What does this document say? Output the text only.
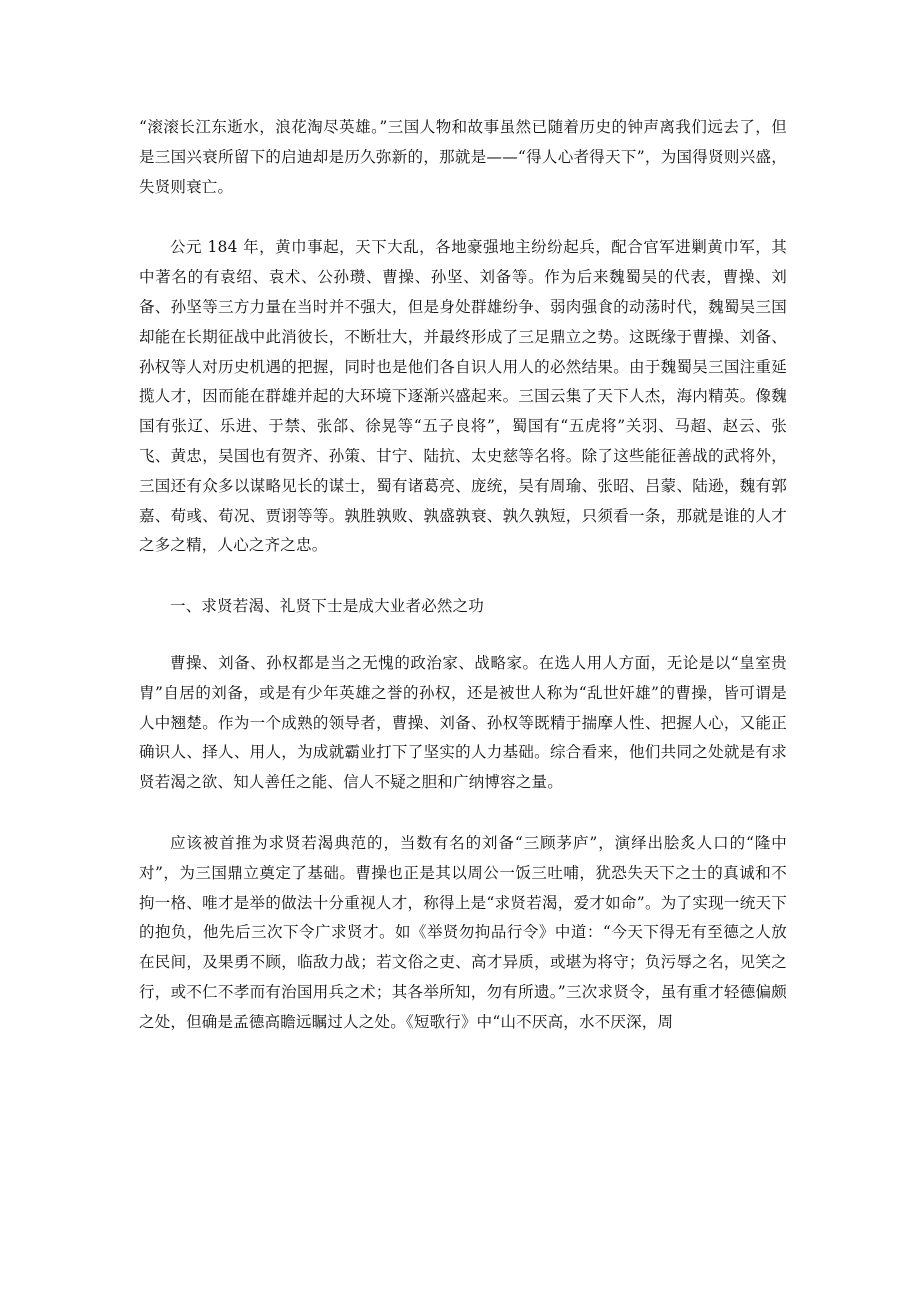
“滚滚长江东逝水，浪花淘尽英雄。”三国人物和故事虽然已随着历史的钟声离我们远去了，但是三国兴衰所留下的启迪却是历久弥新的，那就是——“得人心者得天下”，为国得贤则兴盛，失贤则衰亡。

公元 184 年，黄巾事起，天下大乱，各地豪强地主纷纷起兵，配合官军进剿黄巾军，其中著名的有袁绍、袁术、公孙瓒、曹操、孙坚、刘备等。作为后来魏蜀吴的代表，曹操、刘备、孙坚等三方力量在当时并不强大，但是身处群雄纷争、弱肉强食的动荡时代，魏蜀吴三国却能在长期征战中此消彼长，不断壮大，并最终形成了三足鼎立之势。这既缘于曹操、刘备、孙权等人对历史机遇的把握，同时也是他们各自识人用人的必然结果。由于魏蜀吴三国注重延揽人才，因而能在群雄并起的大环境下逐渐兴盛起来。三国云集了天下人杰，海内精英。像魏国有张辽、乐进、于禁、张郃、徐晃等“五子良将”，蜀国有“五虎将”关羽、马超、赵云、张飞、黄忠，吴国也有贺齐、孙策、甘宁、陆抗、太史慈等名将。除了这些能征善战的武将外，三国还有众多以谋略见长的谋士，蜀有诸葛亮、庞统，吴有周瑜、张昭、吕蒙、陆逊，魏有郭嘉、荀彧、荀况、贾诩等等。孰胜孰败、孰盛孰衰、孰久孰短，只须看一条，那就是谁的人才之多之精，人心之齐之忠。

一、求贤若渴、礼贤下士是成大业者必然之功

曹操、刘备、孙权都是当之无愧的政治家、战略家。在选人用人方面，无论是以“皇室贵胄”自居的刘备，或是有少年英雄之誉的孙权，还是被世人称为“乱世奸雄”的曹操，皆可谓是人中翘楚。作为一个成熟的领导者，曹操、刘备、孙权等既精于揣摩人性、把握人心，又能正确识人、择人、用人，为成就霸业打下了坚实的人力基础。综合看来，他们共同之处就是有求贤若渴之欲、知人善任之能、信人不疑之胆和广纳博容之量。

应该被首推为求贤若渴典范的，当数有名的刘备“三顾茅庐”，演绎出脍炙人口的“隆中对”，为三国鼎立奠定了基础。曹操也正是其以周公一饭三吐哺，犹恐失天下之士的真诚和不拘一格、唯才是举的做法十分重视人才，称得上是“求贤若渴，爱才如命”。为了实现一统天下的抱负，他先后三次下令广求贤才。如《举贤勿拘品行令》中道：“今天下得无有至德之人放在民间，及果勇不顾，临敌力战；若文俗之吏、高才异质，或堪为将守；负污辱之名，见笑之行，或不仁不孝而有治国用兵之术；其各举所知，勿有所遗。”三次求贤令，虽有重才轻德偏颇之处，但确是孟德高瞻远瞩过人之处。《短歌行》中“山不厌高，水不厌深，周
